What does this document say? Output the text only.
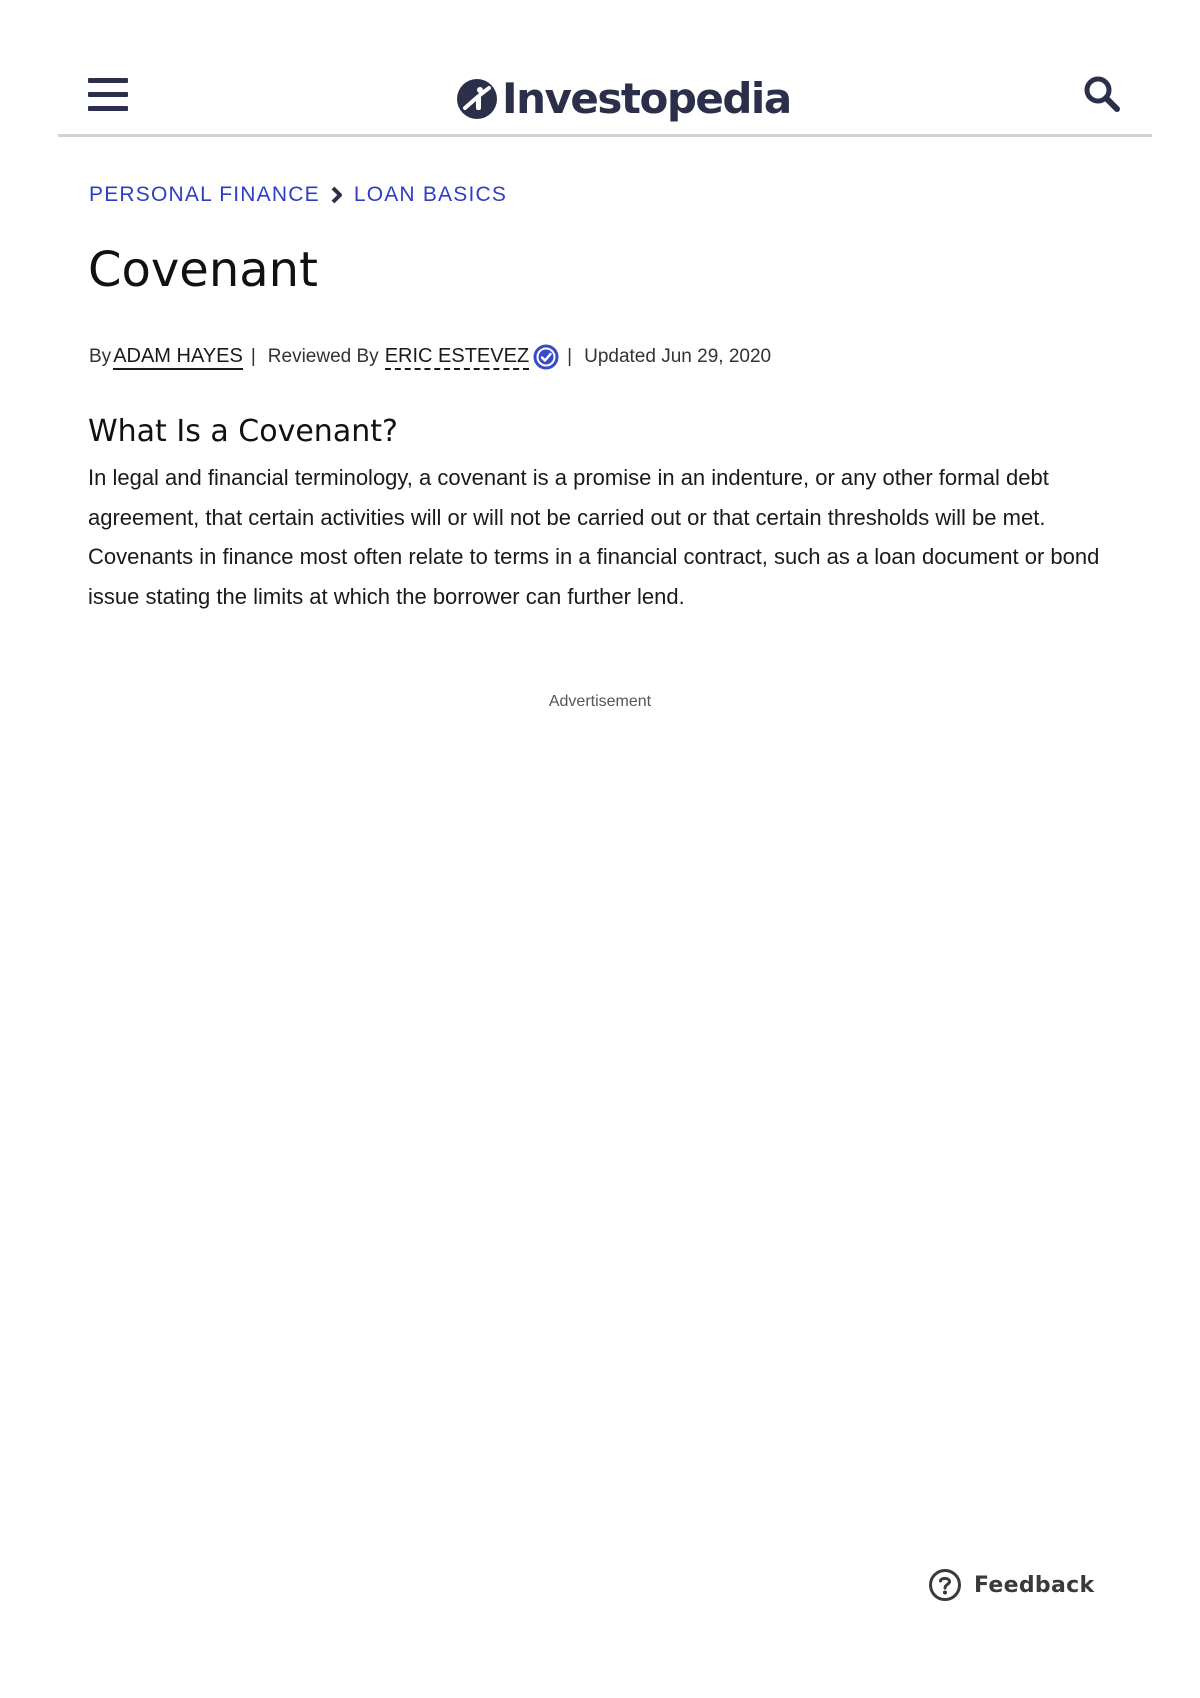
Investopedia
PERSONAL FINANCE LOAN BASICS
Covenant
By ADAM HAYES | Reviewed By ERIC ESTEVEZ | Updated Jun 29, 2020
What Is a Covenant?

In legal and financial terminology, a covenant is a promise in an indenture, or any other formal debt agreement, that certain activities will or will not be carried out or that certain thresholds will be met. Covenants in finance most often relate to terms in a financial contract, such as a loan document or bond issue stating the limits at which the borrower can further lend.

Advertisement
Feedback
